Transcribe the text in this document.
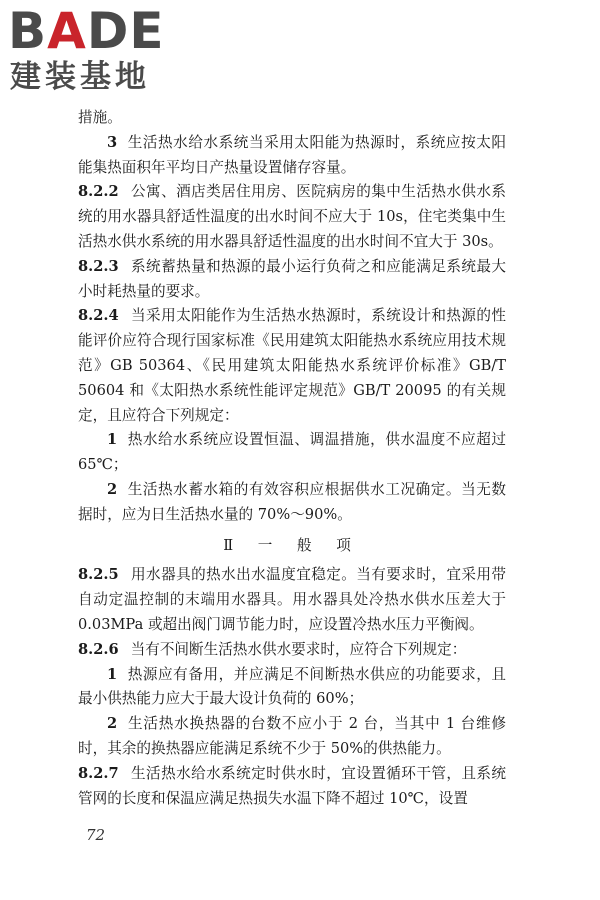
BADE
建装基地

措施。

3 生活热水给水系统当采用太阳能为热源时，系统应按太阳能集热面积年平均日产热量设置储存容量。

8.2.2 公寓、酒店类居住用房、医院病房的集中生活热水供水系统的用水器具舒适性温度的出水时间不应大于 10s，住宅类集中生活热水供水系统的用水器具舒适性温度的出水时间不宜大于 30s。

8.2.3 系统蓄热量和热源的最小运行负荷之和应能满足系统最大小时耗热量的要求。

8.2.4 当采用太阳能作为生活热水热源时，系统设计和热源的性能评价应符合现行国家标准《民用建筑太阳能热水系统应用技术规范》GB 50364、《民用建筑太阳能热水系统评价标准》GB/T 50604 和《太阳热水系统性能评定规范》GB/T 20095 的有关规定，且应符合下列规定：

1 热水给水系统应设置恒温、调温措施，供水温度不应超过 65℃；

2 生活热水蓄水箱的有效容积应根据供水工况确定。当无数据时，应为日生活热水量的 70%～90%。

Ⅱ 一 般 项

8.2.5 用水器具的热水出水温度宜稳定。当有要求时，宜采用带自动定温控制的末端用水器具。用水器具处冷热水供水压差大于 0.03MPa 或超出阀门调节能力时，应设置冷热水压力平衡阀。

8.2.6 当有不间断生活热水供水要求时，应符合下列规定：

1 热源应有备用，并应满足不间断热水供应的功能要求，且最小供热能力应大于最大设计负荷的 60%；

2 生活热水换热器的台数不应小于 2 台，当其中 1 台维修时，其余的换热器应能满足系统不少于 50%的供热能力。

8.2.7 生活热水给水系统定时供水时，宜设置循环干管，且系统管网的长度和保温应满足热损失水温下降不超过 10℃，设置

72
